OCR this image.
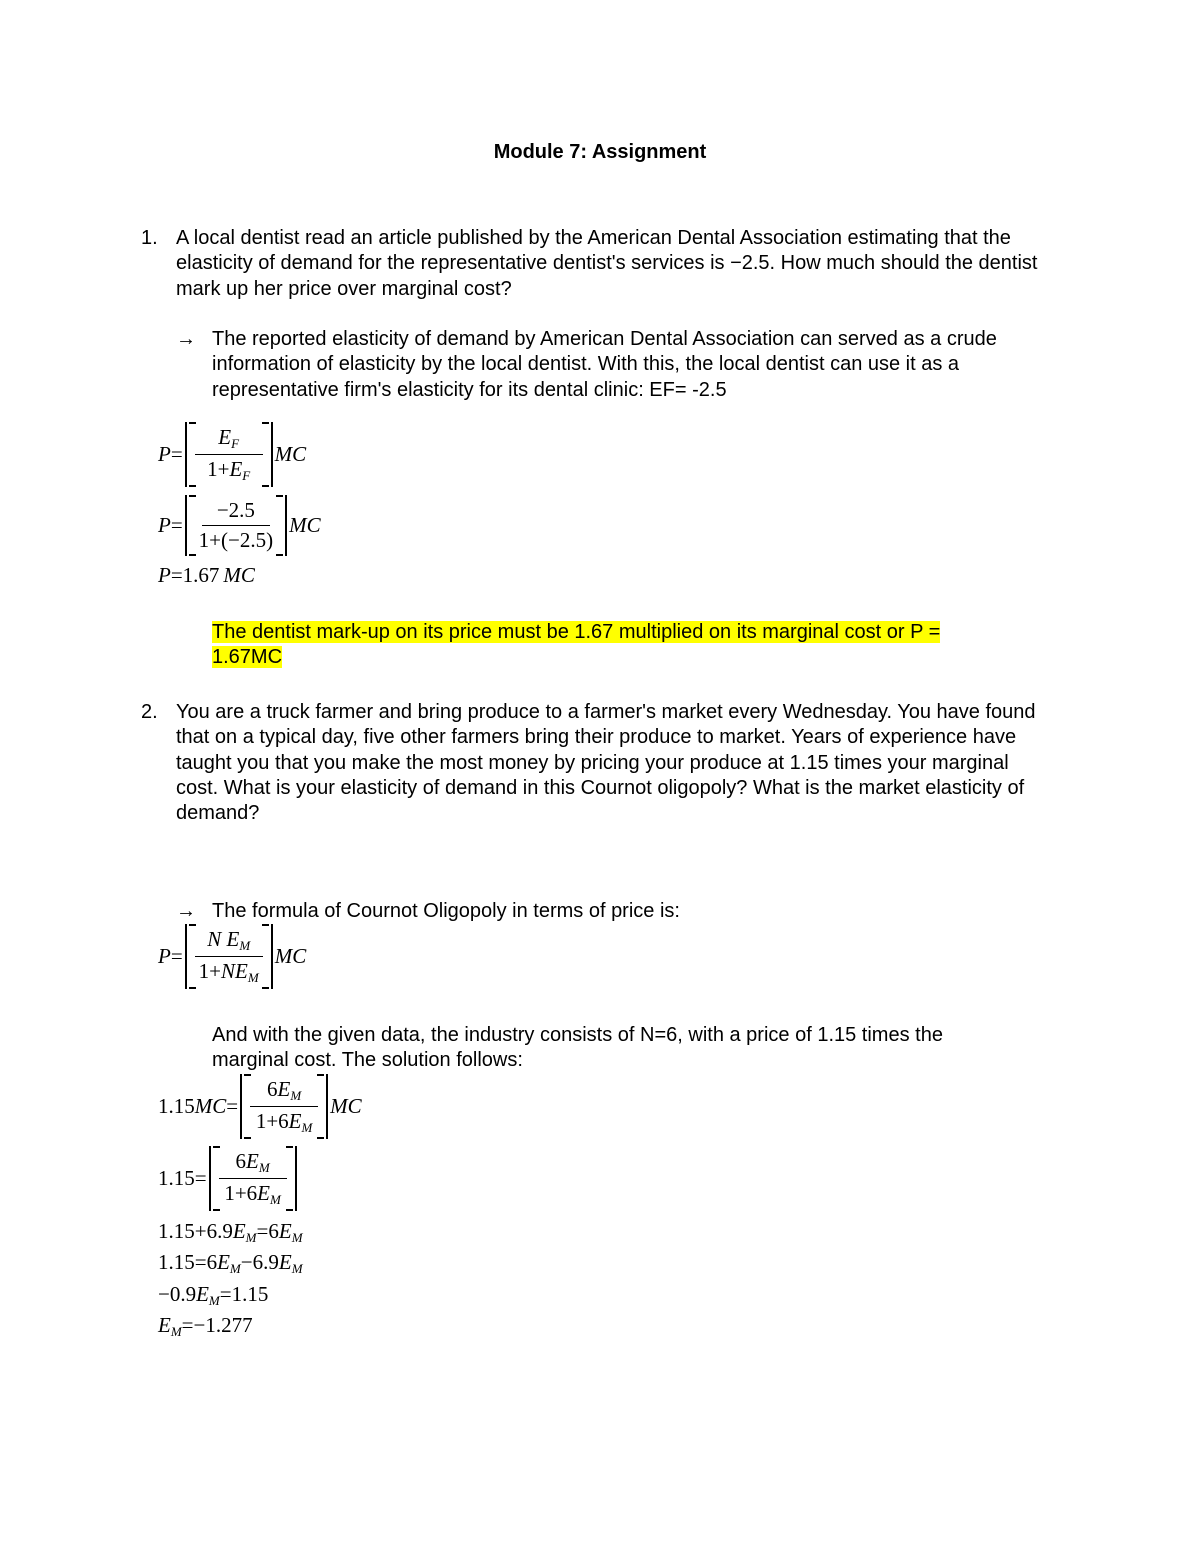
Module 7: Assignment
1. A local dentist read an article published by the American Dental Association estimating that the elasticity of demand for the representative dentist's services is −2.5. How much should the dentist mark up her price over marginal cost?
→ The reported elasticity of demand by American Dental Association can served as a crude information of elasticity by the local dentist. With this, the local dentist can use it as a representative firm's elasticity for its dental clinic: EF= -2.5
$P = \frac{E_F}{1+E_F}$ MC
$P = \frac{-2.5}{1+(-2.5)}$ MC
P=1.67 MC
The dentist mark-up on its price must be 1.67 multiplied on its marginal cost or P = 1.67MC
2. You are a truck farmer and bring produce to a farmer's market every Wednesday. You have found that on a typical day, five other farmers bring their produce to market. Years of experience have taught you that you make the most money by pricing your produce at 1.15 times your marginal cost. What is your elasticity of demand in this Cournot oligopoly? What is the market elasticity of demand?
→ The formula of Cournot Oligopoly in terms of price is:
$P = \frac{N E_M}{1+NE_M}$ MC
And with the given data, the industry consists of N=6, with a price of 1.15 times the marginal cost. The solution follows:
1.15 MC = $\frac{6E_M}{1+6E_M}$ MC
$1.15 = \frac{6E_M}{1+6E_M}$
$1.15+6.9E_M=6E_M$
$1.15=6E_M-6.9E_M$
$-0.9E_M=1.15$
$E_M=-1.277$
